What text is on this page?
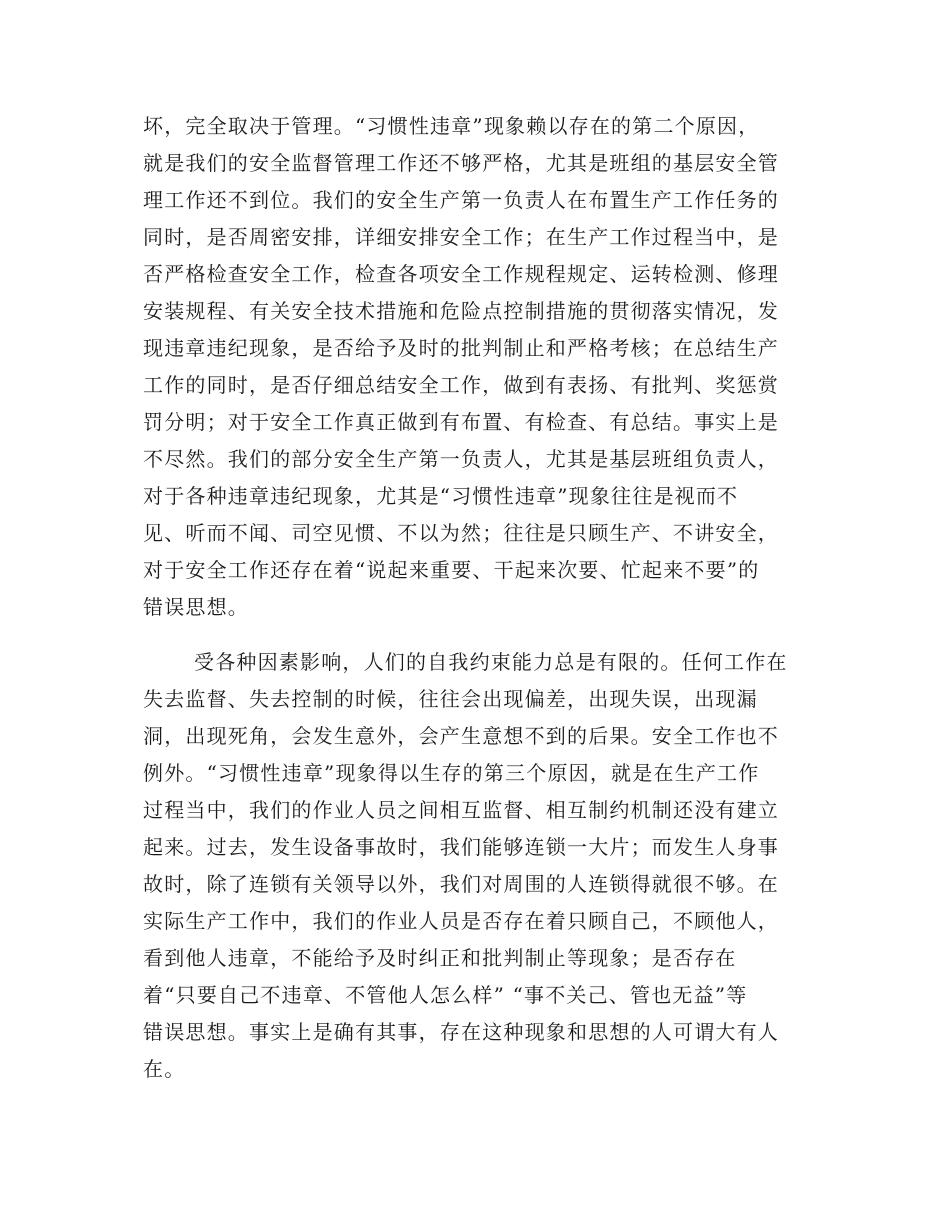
坏，完全取决于管理。“习惯性违章”现象赖以存在的第二个原因，
就是我们的安全监督管理工作还不够严格，尤其是班组的基层安全管
理工作还不到位。我们的安全生产第一负责人在布置生产工作任务的
同时，是否周密安排，详细安排安全工作；在生产工作过程当中，是
否严格检查安全工作，检查各项安全工作规程规定、运转检测、修理
安装规程、有关安全技术措施和危险点控制措施的贯彻落实情况，发
现违章违纪现象，是否给予及时的批判制止和严格考核；在总结生产
工作的同时，是否仔细总结安全工作，做到有表扬、有批判、奖惩赏
罚分明；对于安全工作真正做到有布置、有检查、有总结。事实上是
不尽然。我们的部分安全生产第一负责人，尤其是基层班组负责人，
对于各种违章违纪现象，尤其是“习惯性违章”现象往往是视而不
见、听而不闻、司空见惯、不以为然；往往是只顾生产、不讲安全，
对于安全工作还存在着“说起来重要、干起来次要、忙起来不要”的
错误思想。
受各种因素影响，人们的自我约束能力总是有限的。任何工作在
失去监督、失去控制的时候，往往会出现偏差，出现失误，出现漏
洞，出现死角，会发生意外，会产生意想不到的后果。安全工作也不
例外。“习惯性违章”现象得以生存的第三个原因，就是在生产工作
过程当中，我们的作业人员之间相互监督、相互制约机制还没有建立
起来。过去，发生设备事故时，我们能够连锁一大片；而发生人身事
故时，除了连锁有关领导以外，我们对周围的人连锁得就很不够。在
实际生产工作中，我们的作业人员是否存在着只顾自己，不顾他人，
看到他人违章，不能给予及时纠正和批判制止等现象；是否存在
着“只要自己不违章、不管他人怎么样” “事不关己、管也无益”等
错误思想。事实上是确有其事，存在这种现象和思想的人可谓大有人
在。
